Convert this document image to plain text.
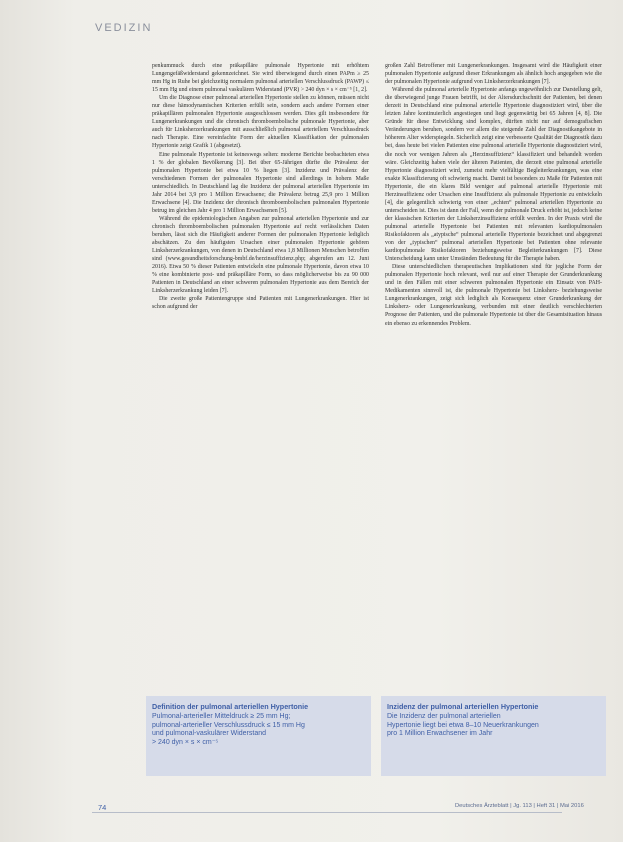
VEDIZIN

penkummuck durch eine präkapilläre pulmonale Hypertonie mit erhöhtem Lungengefäßwiderstand gekennzeichnet. Sie wird überwiegend durch einen PAPm ≥ 25 mm Hg in Ruhe bei gleichzeitig normalem pulmonal arteriellen Verschlussdruck (PAWP) ≤ 15 mm Hg und einem pulmonal vaskulären Widerstand (PVR) > 240 dyn × s × cm⁻⁵ [1, 2].

Um die Diagnose einer pulmonal arteriellen Hypertonie stellen zu können, müssen nicht nur diese hämodynamischen Kriterien erfüllt sein, sondern auch andere Formen einer präkapillären pulmonalen Hypertonie ausgeschlossen werden. Dies gilt insbesondere für Lungenerkrankungen und die chronisch thromboembolische pulmonale Hypertonie, aber auch für Linksherzerkrankungen mit ausschließlich pulmonal arteriellem Verschlussdruck nach Therapie. Eine vereinfachte Form der aktuellen Klassifikation der pulmonalen Hypertonie zeigt Grafik 1 (abgesetzt).

Eine pulmonale Hypertonie ist keineswegs selten: moderne Berichte beobachteten etwa 1 % der globalen Bevölkerung [3]. Bei über 65-Jährigen dürfte die Prävalenz der pulmonalen Hypertonie bei etwa 10 % liegen [3]. Inzidenz und Prävalenz der verschiedenen Formen der pulmonalen Hypertonie sind allerdings in hohem Maße unterschiedlich. In Deutschland lag die Inzidenz der pulmonal arteriellen Hypertonie im Jahr 2014 bei 3,9 pro 1 Million Erwachsene; die Prävalenz betrug 25,9 pro 1 Million Erwachsene [4]. Die Inzidenz der chronisch thromboembolischen pulmonalen Hypertonie betrug im gleichen Jahr 4 pro 1 Million Erwachsenen [5].

Während die epidemiologischen Angaben zur pulmonal arteriellen Hypertonie und zur chronisch thromboembolischen pulmonalen Hypertonie auf recht verlässlichen Daten beruhen, lässt sich die Häufigkeit anderer Formen der pulmonalen Hypertonie lediglich abschätzen. Zu den häufigsten Ursachen einer pulmonalen Hypertonie gehören Linksherzerkrankungen, von denen in Deutschland etwa 1,8 Millionen Menschen betroffen sind (www.gesundheitsforschung-bmbf.de/herzinsuffizienz.php; abgerufen am 12. Juni 2016). Etwa 50 % dieser Patienten entwickeln eine pulmonale Hypertonie, davon etwa 10 % eine kombinierte post- und präkapilläre Form, so dass möglicherweise bis zu 90 000 Patienten in Deutschland an einer schweren pulmonalen Hypertonie aus dem Bereich der Linksherzerkrankung leiden [7].

Die zweite große Patientengruppe sind Patienten mit Lungenerkrankungen. Hier ist schon aufgrund der

großen Zahl Betroffener mit Lungenerkrankungen. Insgesamt wird die Häufigkeit einer pulmonalen Hypertonie aufgrund dieser Erkrankungen als ähnlich hoch angegeben wie die der pulmonalen Hypertonie aufgrund von Linksherzerkrankungen [7].

Während die pulmonal arterielle Hypertonie anfangs ungewöhnlich zur Darstellung gelt, die überwiegend junge Frauen betrifft, ist der Altersdurchschnitt der Patienten, bei denen derzeit in Deutschland eine pulmonal arterielle Hypertonie diagnostiziert wird, über die letzten Jahre kontinuierlich angestiegen und liegt gegenwärtig bei 65 Jahren [4, 8]. Die Gründe für diese Entwicklung sind komplex, dürften nicht nur auf demografischen Veränderungen beruhen, sondern vor allem die steigende Zahl der Diagnostikangebote in höherem Alter widerspiegeln. Sicherlich zeigt eine verbesserte Qualität der Diagnostik dazu bei, dass heute bei vielen Patienten eine pulmonal arterielle Hypertonie diagnostiziert wird, die noch vor wenigen Jahren als „Herzinsuffizienz“ klassifiziert und behandelt worden wäre. Gleichzeitig haben viele der älteren Patienten, die derzeit eine pulmonal arterielle Hypertonie diagnostiziert wird, zumeist mehr vielfältige Begleiterkrankungen, was eine exakte Klassifizierung oft schwierig macht. Damit ist besonders zu Maße für Patienten mit Hypertonie, die ein klares Bild weniger auf pulmonal arterielle Hypertonie mit Herzinsuffizienz oder Ursachen eine Insuffizienz als pulmonale Hypertonie zu entwickeln [4], die gelegentlich schwierig von einer „echten“ pulmonal arteriellen Hypertonie zu unterscheiden ist. Dies ist dann der Fall, wenn der pulmonale Druck erhöht ist, jedoch keine der klassischen Kriterien der Linksherzinsuffizienz erfüllt werden. In der Praxis wird die pulmonal arterielle Hypertonie bei Patienten mit relevanten kardiopulmonalen Risikofaktoren als „atypische“ pulmonal arterielle Hypertonie bezeichnet und abgegrenzt von der „typischen“ pulmonal arteriellen Hypertonie bei Patienten ohne relevante kardiopulmonale Risikofaktoren beziehungsweise Begleiterkrankungen [7]. Diese Unterscheidung kann unter Umständen Bedeutung für die Therapie haben.

Diese unterschiedlichen therapeutischen Implikationen sind für jegliche Form der pulmonalen Hypertonie hoch relevant, weil nur auf einer Therapie der Grunderkrankung und in den Fällen mit einer schweren pulmonalen Hypertonie ein Einsatz von PAH-Medikamenten sinnvoll ist, die pulmonale Hypertonie bei Linksherz- beziehungsweise Lungenerkrankungen, zeigt sich lediglich als Konsequenz einer Grunderkrankung der Linksherz- oder Lungenerkrankung, verbunden mit einer deutlich verschlechterten Prognose der Patienten, und die pulmonale Hypertonie ist über die Gesamtsituation hinaus ein ebenso zu erkennendes Problem.

Definition der pulmonal arteriellen Hypertonie
Pulmonal-arterieller Mitteldruck ≥ 25 mm Hg;
pulmonal-arterieller Verschlussdruck ≤ 15 mm Hg
und pulmonal-vaskulärer Widerstand
> 240 dyn × s × cm⁻⁵
Inzidenz der pulmonal arteriellen Hypertonie
Die Inzidenz der pulmonal arteriellen
Hypertonie liegt bei etwa 8–10 Neuerkrankungen
pro 1 Million Erwachsener im Jahr
74	Deutsches Ärzteblatt | Jg. 113 | Heft 31 | Mai 2016
